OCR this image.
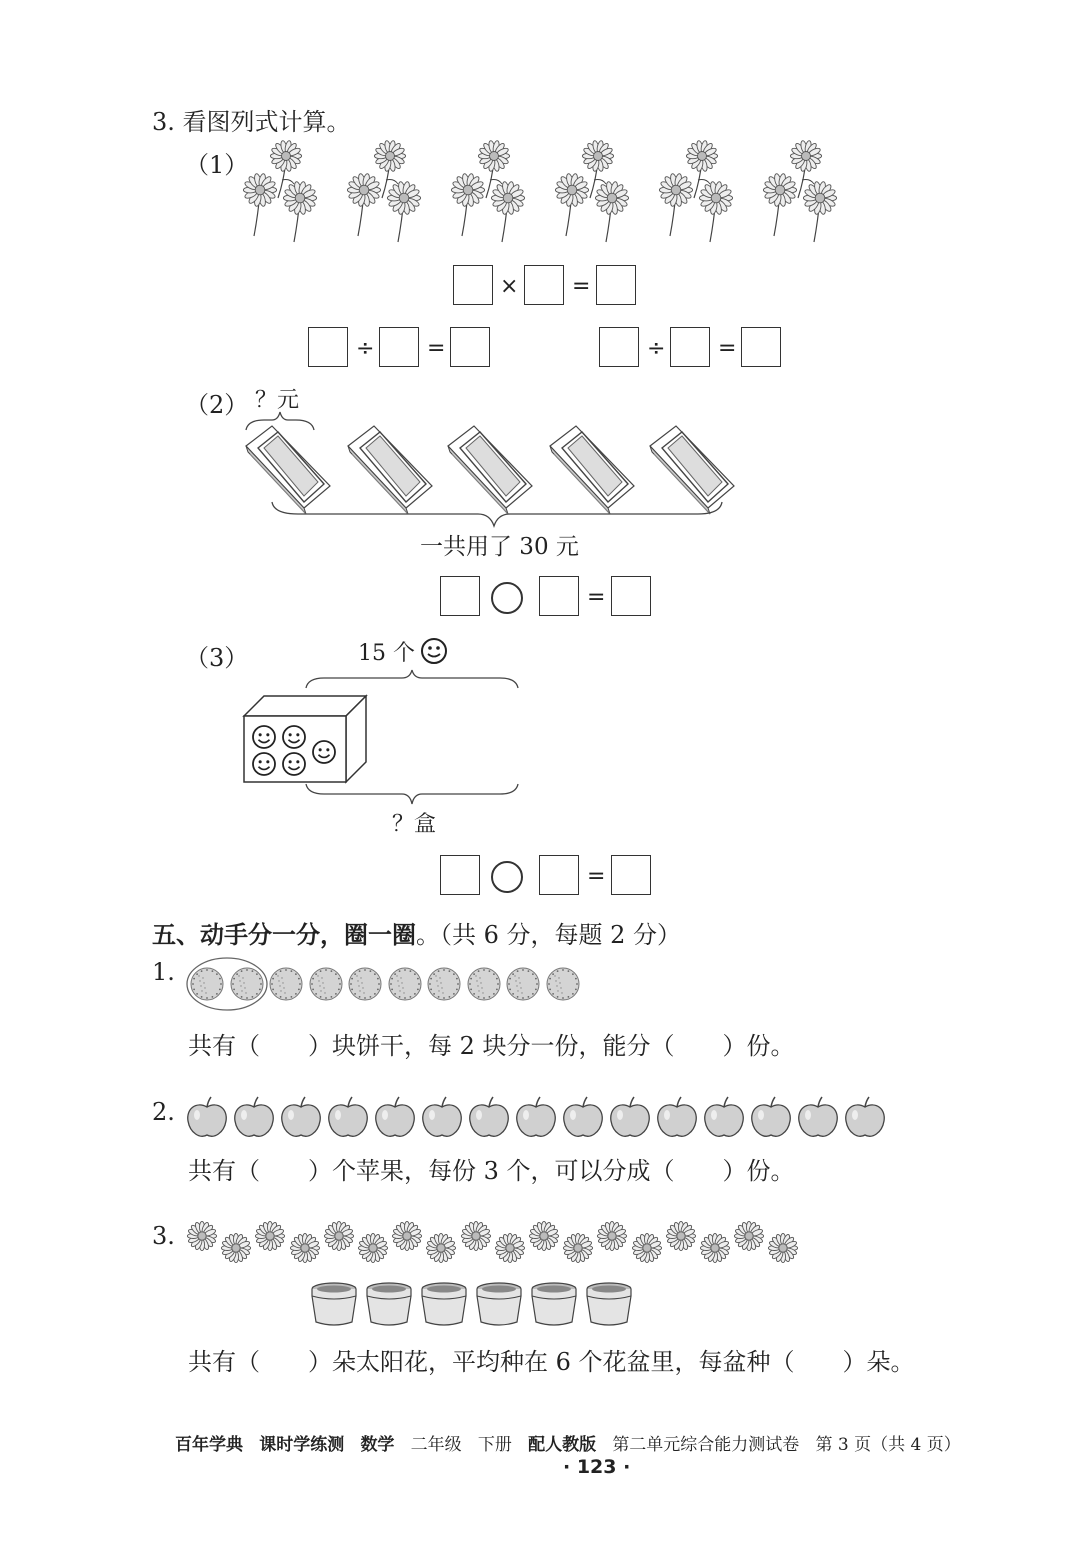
3. 看图列式计算。
（1）
× =
÷ =	÷ =
（2） ？元
一共用了 30 元
=
（3）	15 个
？盒
=
五、动手分一分，圈一圈。（共 6 分，每题 2 分）
1.
共有（　　）块饼干，每 2 块分一份，能分（　　）份。
2.
共有（　　）个苹果，每份 3 个，可以分成（　　）份。
3.
共有（　　）朵太阳花，平均种在 6 个花盆里，每盆种（　　）朵。
百年学典 课时学练测 数学 二年级 下册 配人教版 第二单元综合能力测试卷 第 3 页（共 4 页）
· 123 ·
